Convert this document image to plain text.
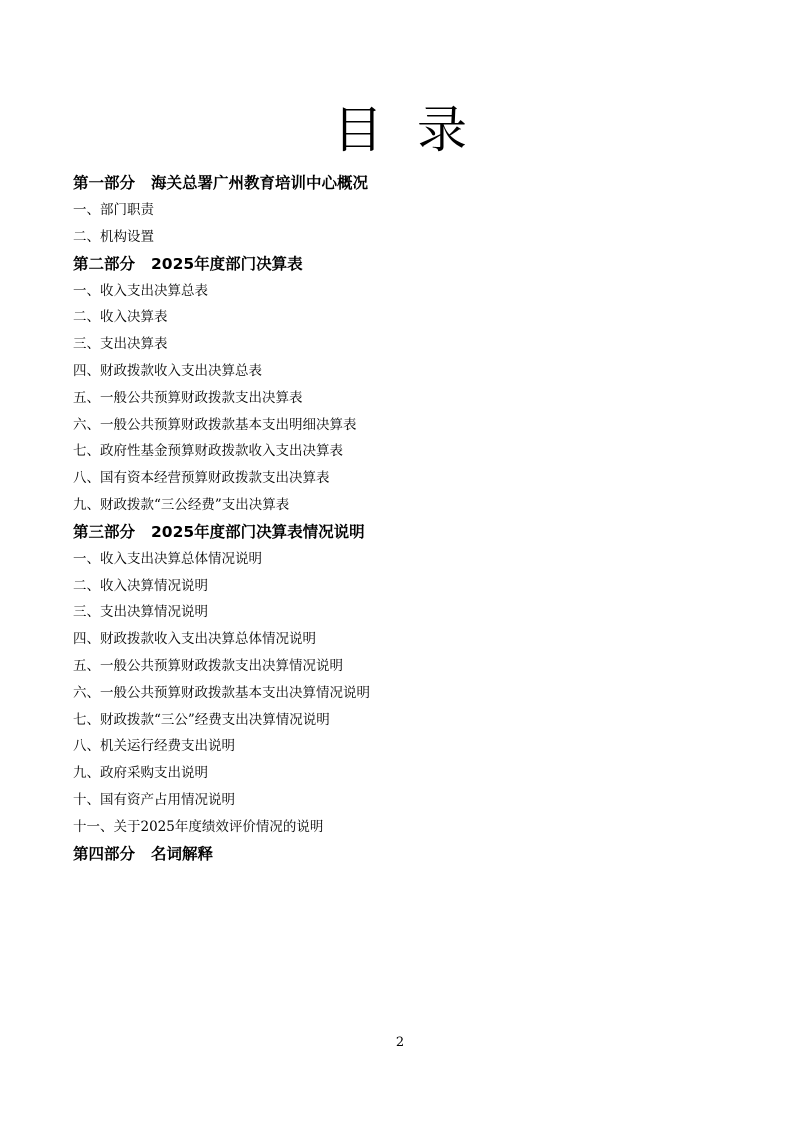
目 录
第一部分 海关总署广州教育培训中心概况
一、部门职责
二、机构设置
第二部分 2025年度部门决算表
一、收入支出决算总表
二、收入决算表
三、支出决算表
四、财政拨款收入支出决算总表
五、一般公共预算财政拨款支出决算表
六、一般公共预算财政拨款基本支出明细决算表
七、政府性基金预算财政拨款收入支出决算表
八、国有资本经营预算财政拨款支出决算表
九、财政拨款“三公经费”支出决算表
第三部分 2025年度部门决算表情况说明
一、收入支出决算总体情况说明
二、收入决算情况说明
三、支出决算情况说明
四、财政拨款收入支出决算总体情况说明
五、一般公共预算财政拨款支出决算情况说明
六、一般公共预算财政拨款基本支出决算情况说明
七、财政拨款“三公”经费支出决算情况说明
八、机关运行经费支出说明
九、政府采购支出说明
十、国有资产占用情况说明
十一、关于2025年度绩效评价情况的说明
第四部分 名词解释
2
